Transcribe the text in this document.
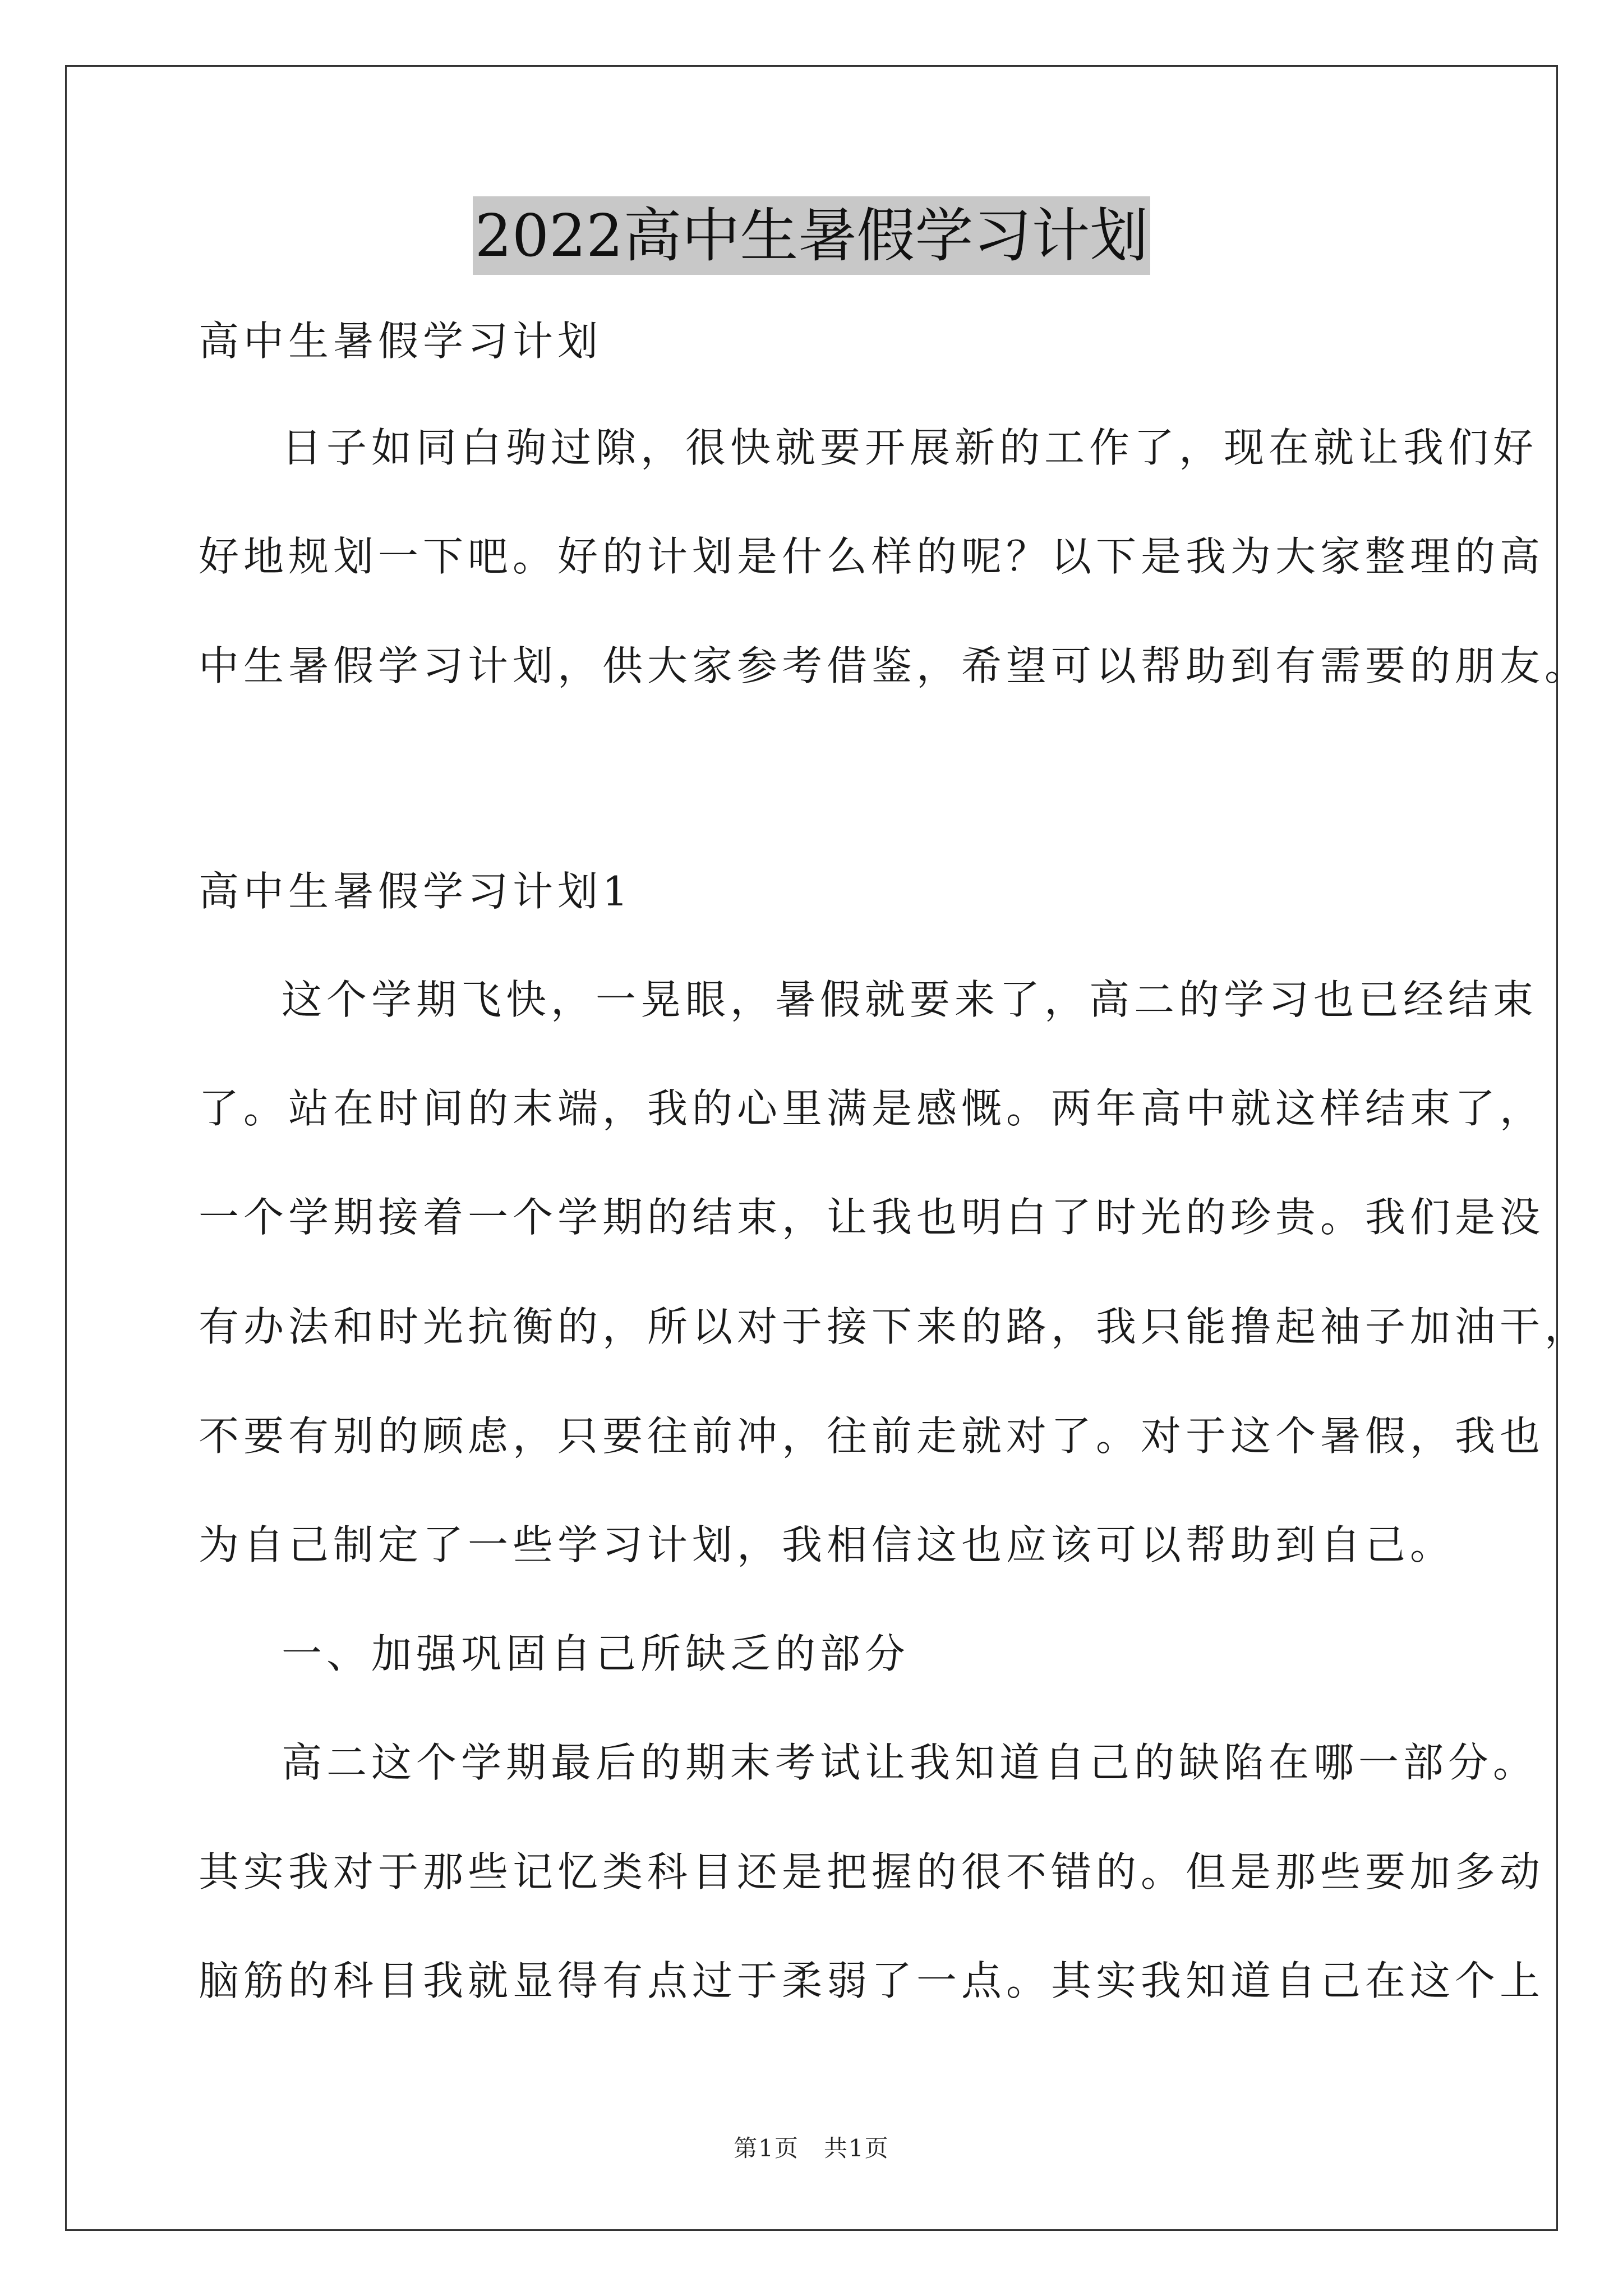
2022高中生暑假学习计划
高中生暑假学习计划
日子如同白驹过隙，很快就要开展新的工作了，现在就让我们好
好地规划一下吧。好的计划是什么样的呢？以下是我为大家整理的高
中生暑假学习计划，供大家参考借鉴，希望可以帮助到有需要的朋友。
高中生暑假学习计划1
这个学期飞快，一晃眼，暑假就要来了，高二的学习也已经结束
了。站在时间的末端，我的心里满是感慨。两年高中就这样结束了，
一个学期接着一个学期的结束，让我也明白了时光的珍贵。我们是没
有办法和时光抗衡的，所以对于接下来的路，我只能撸起袖子加油干，
不要有别的顾虑，只要往前冲，往前走就对了。对于这个暑假，我也
为自己制定了一些学习计划，我相信这也应该可以帮助到自己。
一、加强巩固自己所缺乏的部分
高二这个学期最后的期末考试让我知道自己的缺陷在哪一部分。
其实我对于那些记忆类科目还是把握的很不错的。但是那些要加多动
脑筋的科目我就显得有点过于柔弱了一点。其实我知道自己在这个上
第1页　共1页
